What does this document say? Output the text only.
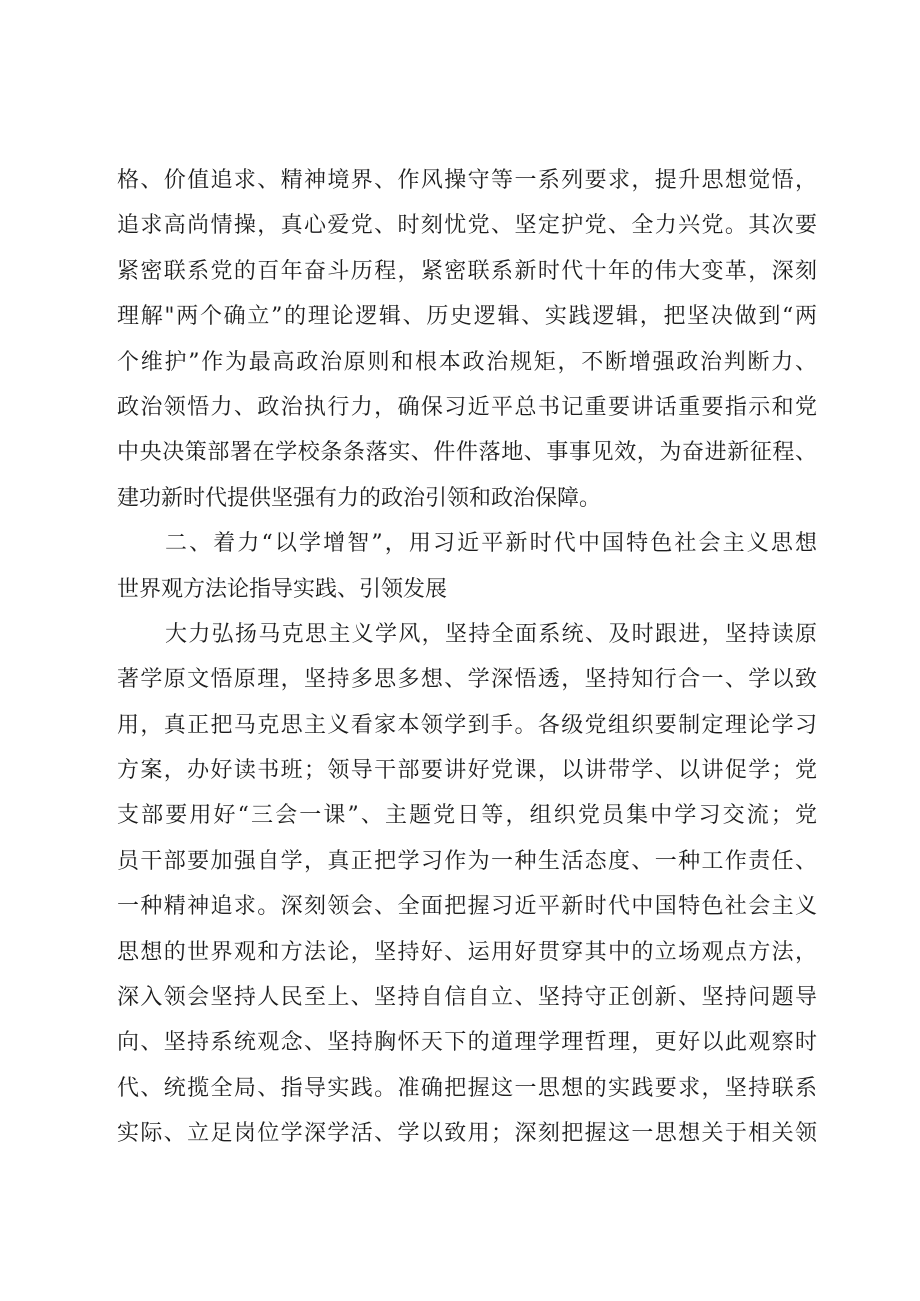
格、价值追求、精神境界、作风操守等一系列要求，提升思想觉悟，
追求高尚情操，真心爱党、时刻忧党、坚定护党、全力兴党。其次要
紧密联系党的百年奋斗历程，紧密联系新时代十年的伟大变革，深刻
理解"两个确立”的理论逻辑、历史逻辑、实践逻辑，把坚决做到“两
个维护”作为最高政治原则和根本政治规矩，不断增强政治判断力、
政治领悟力、政治执行力，确保习近平总书记重要讲话重要指示和党
中央决策部署在学校条条落实、件件落地、事事见效，为奋进新征程、
建功新时代提供坚强有力的政治引领和政治保障。
二、着力“以学增智”，用习近平新时代中国特色社会主义思想
世界观方法论指导实践、引领发展
大力弘扬马克思主义学风，坚持全面系统、及时跟进，坚持读原
著学原文悟原理，坚持多思多想、学深悟透，坚持知行合一、学以致
用，真正把马克思主义看家本领学到手。各级党组织要制定理论学习
方案，办好读书班；领导干部要讲好党课，以讲带学、以讲促学；党
支部要用好“三会一课”、主题党日等，组织党员集中学习交流；党
员干部要加强自学，真正把学习作为一种生活态度、一种工作责任、
一种精神追求。深刻领会、全面把握习近平新时代中国特色社会主义
思想的世界观和方法论，坚持好、运用好贯穿其中的立场观点方法，
深入领会坚持人民至上、坚持自信自立、坚持守正创新、坚持问题导
向、坚持系统观念、坚持胸怀天下的道理学理哲理，更好以此观察时
代、统揽全局、指导实践。准确把握这一思想的实践要求，坚持联系
实际、立足岗位学深学活、学以致用；深刻把握这一思想关于相关领
